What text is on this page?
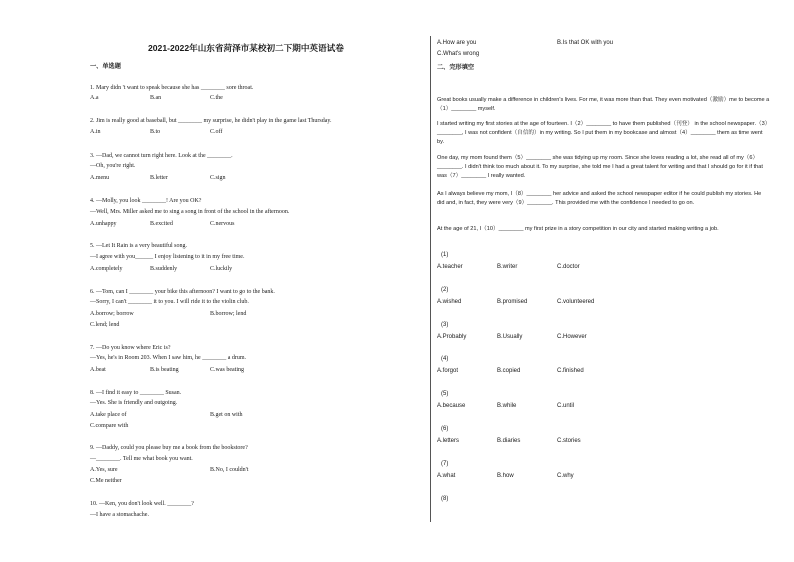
2021-2022年山东省菏泽市某校初二下期中英语试卷
一、单选题
1. Mary didn 't want to speak because she has ________ sore throat.
A.a	B.an	C.the
2. Jim is really good at baseball, but ________ my surprise, he didn't play in the game last Thursday.
A.in	B.to	C.off
3. —Dad, we cannot turn right here. Look at the ________.
—Oh, you're right.
A.menu	B.letter	C.sign
4. —Molly, you look ________! Are you OK?
—Well, Mrs. Miller asked me to sing a song in front of the school in the afternoon.
A.unhappy	B.excited	C.nervous
5. —Let It Rain is a very beautiful song.
—I agree with you______ I enjoy listening to it in my free time.
A.completely	B.suddenly	C.luckily
6. —Tom, can I ________ your bike this afternoon? I want to go to the bank.
—Sorry, I can't ________ it to you. I will ride it to the violin club.
A.borrow; borrow	B.borrow; lend
C.lend; lend
7. —Do you know where Eric is?
—Yes, he's in Room 203. When I saw him, he ________ a drum.
A.beat	B.is beating	C.was beating
8. —I find it easy to ________ Susan.
—Yes. She is friendly and outgoing.
A.take place of	B.get on with
C.compare with
9. —Daddy, could you please buy me a book from the bookstore?
—________. Tell me what book you want.
A.Yes, sure	B.No, I couldn't
C.Me neither
10. —Ken, you don't look well. ________?
—I have a stomachache.
A.How are you	B.Is that OK with you
C.What's wrong
二、完形填空
Great books usually make a difference in children's lives. For me, it was more than that. They even motivated（激励）me to become a（1）________ myself.
I started writing my first stories at the age of fourteen. I（2）________ to have them published（刊登） in the school newspaper.（3）________, I was not confident（自信的）in my writing. So I put them in my bookcase and almost（4）________ them as time went by.
One day, my mom found them（5）________ she was tidying up my room. Since she loves reading a lot, she read all of my（6）________. I didn't think too much about it. To my surprise, she told me I had a great talent for writing and that I should go for it if that was（7）________ I really wanted.
As I always believe my mom, I（8）________ her advice and asked the school newspaper editor if he could publish my stories. He did and, in fact, they were very（9）________. This provided me with the confidence I needed to go on.
At the age of 21, I（10）________ my first prize in a story competition in our city and started making writing a job.
(1)
A.teacher	B.writer	C.doctor
(2)
A.wished	B.promised	C.volunteered
(3)
A.Probably	B.Usually	C.However
(4)
A.forgot	B.copied	C.finished
(5)
A.because	B.while	C.until
(6)
A.letters	B.diaries	C.stories
(7)
A.what	B.how	C.why
(8)
